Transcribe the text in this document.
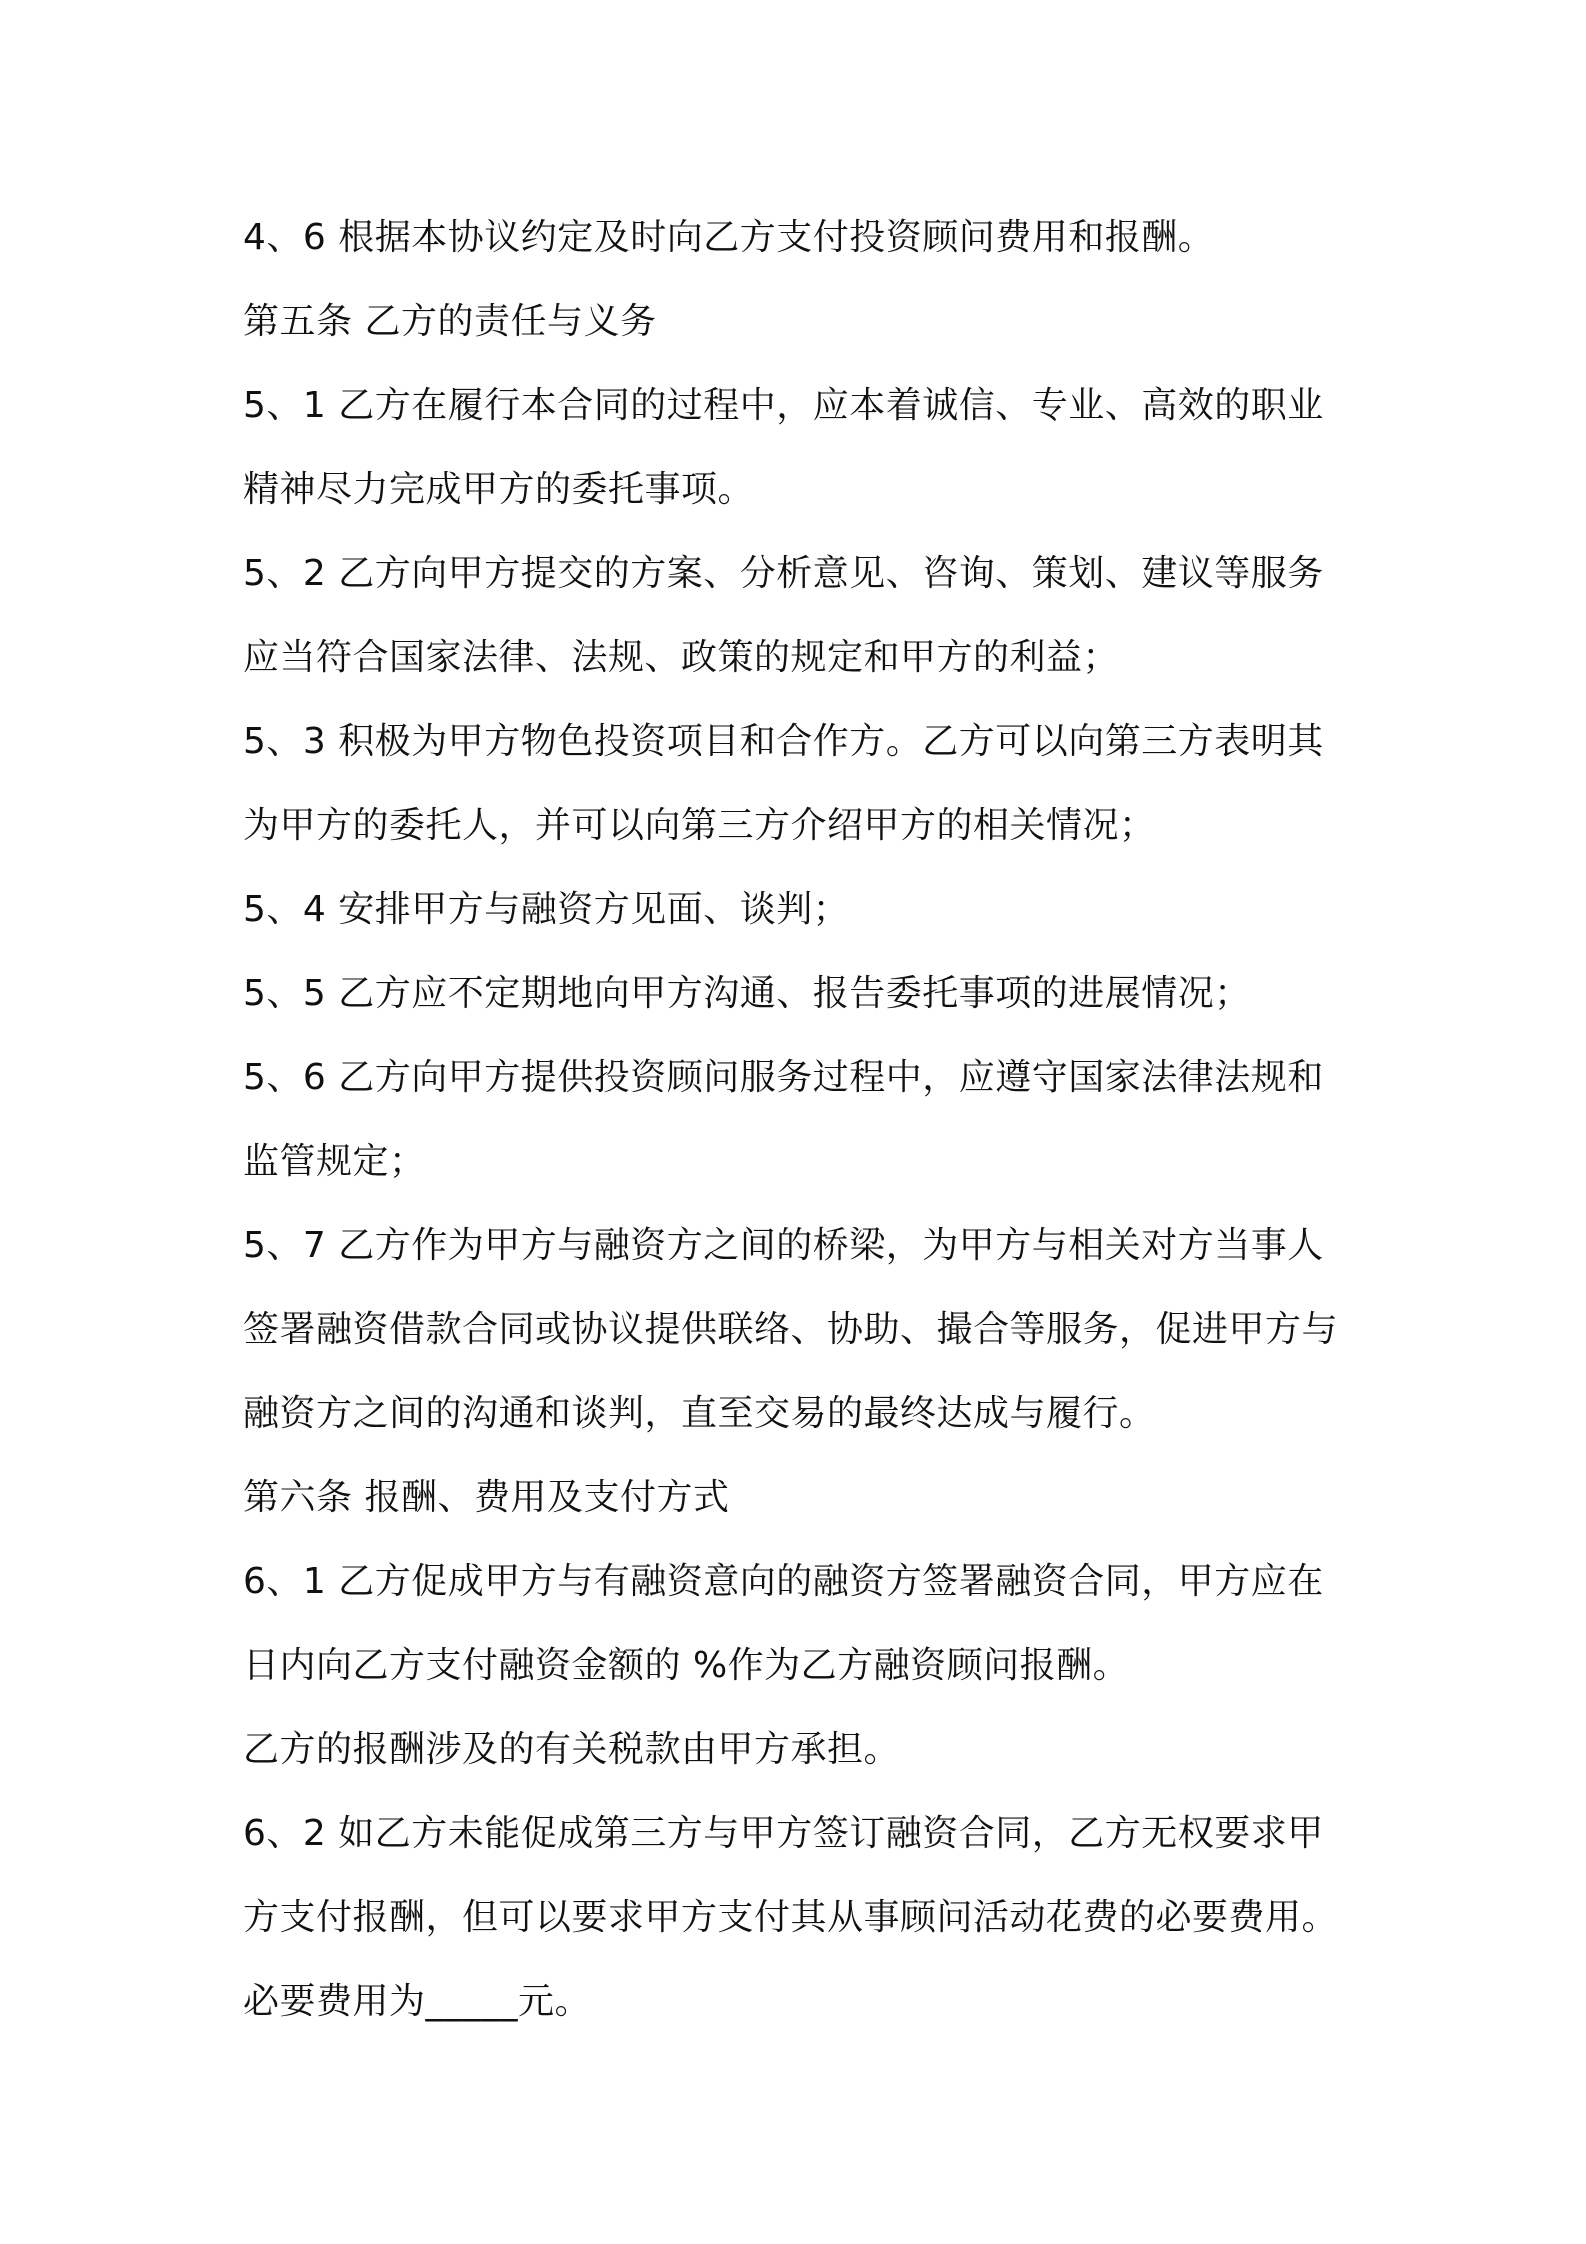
4、6 根据本协议约定及时向乙方支付投资顾问费用和报酬。
第五条 乙方的责任与义务
5、1 乙方在履行本合同的过程中，应本着诚信、专业、高效的职业
精神尽力完成甲方的委托事项。
5、2 乙方向甲方提交的方案、分析意见、咨询、策划、建议等服务
应当符合国家法律、法规、政策的规定和甲方的利益；
5、3 积极为甲方物色投资项目和合作方。乙方可以向第三方表明其
为甲方的委托人，并可以向第三方介绍甲方的相关情况；
5、4 安排甲方与融资方见面、谈判；
5、5 乙方应不定期地向甲方沟通、报告委托事项的进展情况；
5、6 乙方向甲方提供投资顾问服务过程中，应遵守国家法律法规和
监管规定；
5、7 乙方作为甲方与融资方之间的桥梁，为甲方与相关对方当事人
签署融资借款合同或协议提供联络、协助、撮合等服务，促进甲方与
融资方之间的沟通和谈判，直至交易的最终达成与履行。
第六条 报酬、费用及支付方式
6、1 乙方促成甲方与有融资意向的融资方签署融资合同，甲方应在
日内向乙方支付融资金额的 %作为乙方融资顾问报酬。
乙方的报酬涉及的有关税款由甲方承担。
6、2 如乙方未能促成第三方与甲方签订融资合同，乙方无权要求甲
方支付报酬，但可以要求甲方支付其从事顾问活动花费的必要费用。
必要费用为_____元。
